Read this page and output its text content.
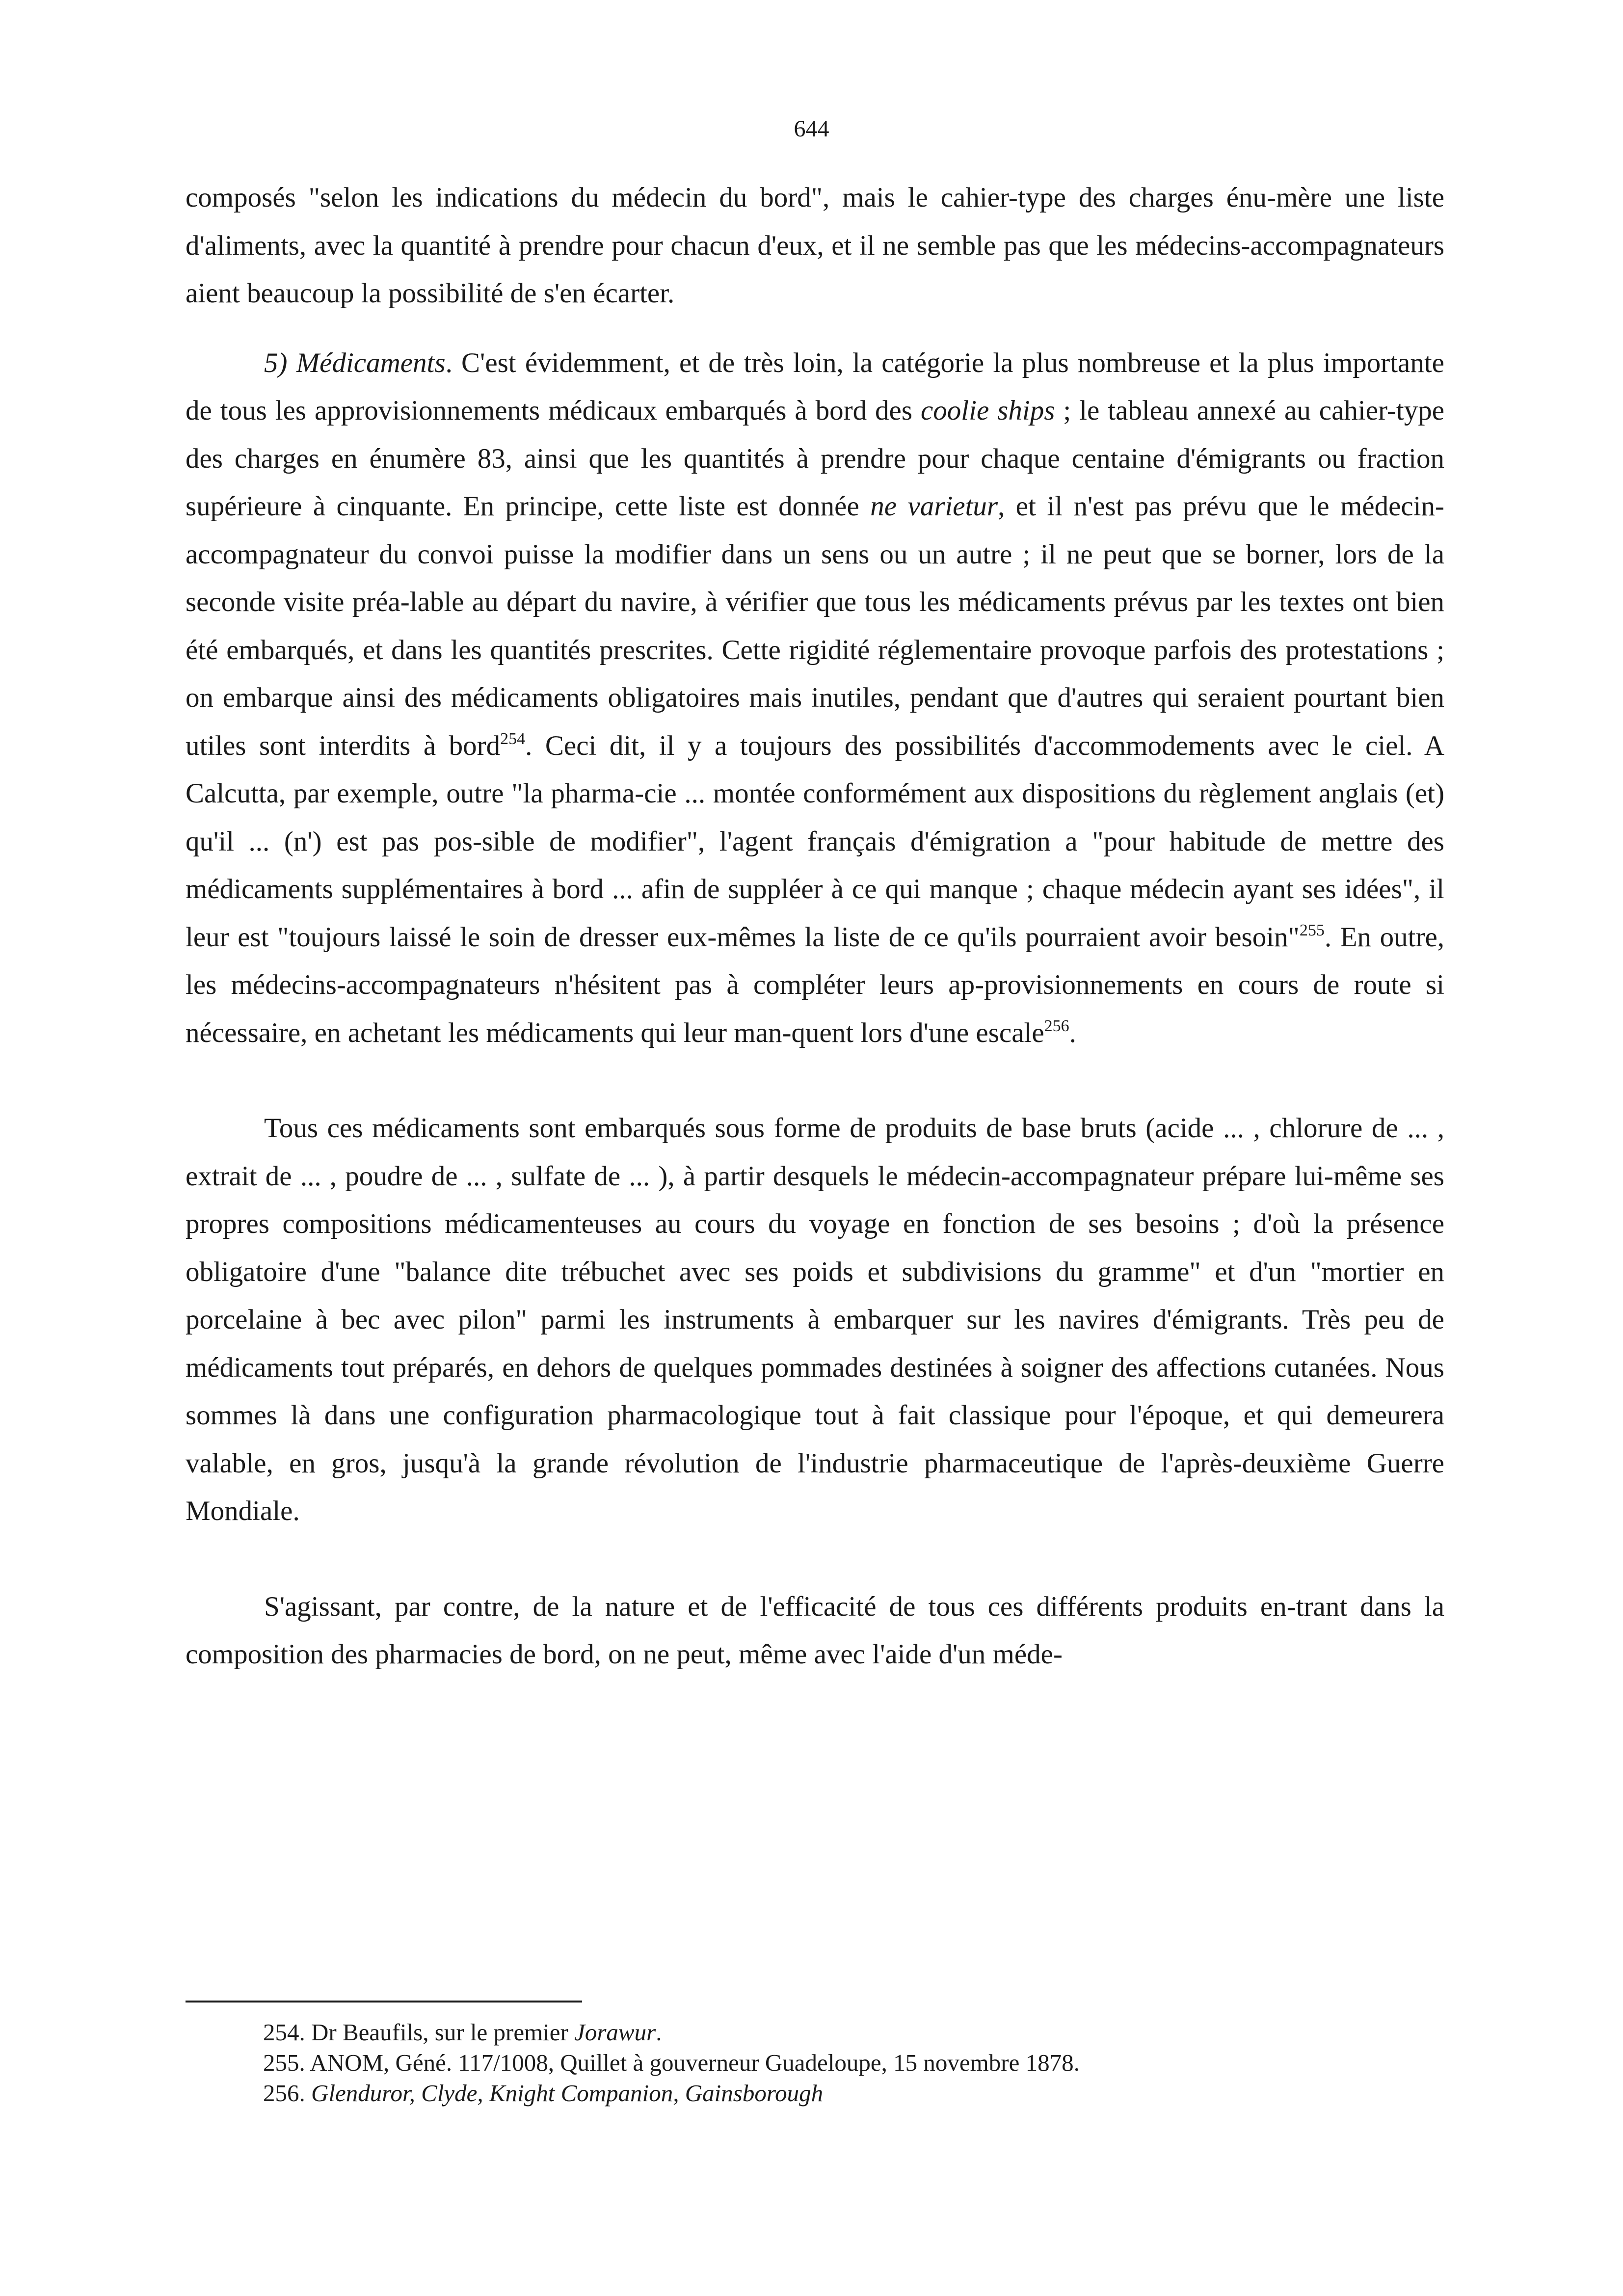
644

composés "selon les indications du médecin du bord", mais le cahier-type des charges énu-mère une liste d'aliments, avec la quantité à prendre pour chacun d'eux, et il ne semble pas que les médecins-accompagnateurs aient beaucoup la possibilité de s'en écarter.

5) Médicaments. C'est évidemment, et de très loin, la catégorie la plus nombreuse et la plus importante de tous les approvisionnements médicaux embarqués à bord des coolie ships ; le tableau annexé au cahier-type des charges en énumère 83, ainsi que les quantités à prendre pour chaque centaine d'émigrants ou fraction supérieure à cinquante. En principe, cette liste est donnée ne varietur, et il n'est pas prévu que le médecin-accompagnateur du convoi puisse la modifier dans un sens ou un autre ; il ne peut que se borner, lors de la seconde visite préa-lable au départ du navire, à vérifier que tous les médicaments prévus par les textes ont bien été embarqués, et dans les quantités prescrites. Cette rigidité réglementaire provoque parfois des protestations ; on embarque ainsi des médicaments obligatoires mais inutiles, pendant que d'autres qui seraient pourtant bien utiles sont interdits à bord$^{254}$. Ceci dit, il y a toujours des possibilités d'accommodements avec le ciel. A Calcutta, par exemple, outre "la pharma-cie ... montée conformément aux dispositions du règlement anglais (et) qu'il ... (n') est pas pos-sible de modifier", l'agent français d'émigration a "pour habitude de mettre des médicaments supplémentaires à bord ... afin de suppléer à ce qui manque ; chaque médecin ayant ses idées", il leur est "toujours laissé le soin de dresser eux-mêmes la liste de ce qu'ils pourraient avoir besoin"$^{255}$. En outre, les médecins-accompagnateurs n'hésitent pas à compléter leurs ap-provisionnements en cours de route si nécessaire, en achetant les médicaments qui leur man-quent lors d'une escale$^{256}$.

Tous ces médicaments sont embarqués sous forme de produits de base bruts (acide ... , chlorure de ... , extrait de ... , poudre de ... , sulfate de ... ), à partir desquels le médecin-accompagnateur prépare lui-même ses propres compositions médicamenteuses au cours du voyage en fonction de ses besoins ; d'où la présence obligatoire d'une "balance dite trébuchet avec ses poids et subdivisions du gramme" et d'un "mortier en porcelaine à bec avec pilon" parmi les instruments à embarquer sur les navires d'émigrants. Très peu de médicaments tout préparés, en dehors de quelques pommades destinées à soigner des affections cutanées. Nous sommes là dans une configuration pharmacologique tout à fait classique pour l'époque, et qui demeurera valable, en gros, jusqu'à la grande révolution de l'industrie pharmaceutique de l'après-deuxième Guerre Mondiale.

S'agissant, par contre, de la nature et de l'efficacité de tous ces différents produits en-trant dans la composition des pharmacies de bord, on ne peut, même avec l'aide d'un méde-

254. Dr Beaufils, sur le premier Jorawur.

255. ANOM, Géné. 117/1008, Quillet à gouverneur Guadeloupe, 15 novembre 1878.

256. Glenduror, Clyde, Knight Companion, Gainsborough
